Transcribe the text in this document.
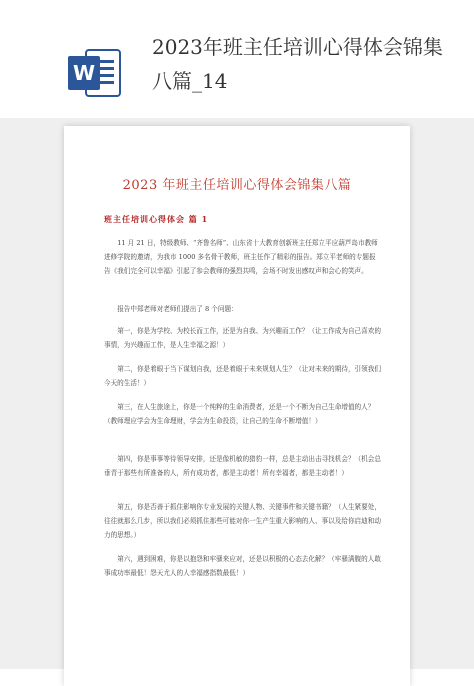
W
2023年班主任培训心得体会锦集八篇_14
2023 年班主任培训心得体会锦集八篇
班主任培训心得体会 篇 1

11 月 21 日，特级教师、“齐鲁名师”、山东省十大教育创新班主任郑立平应葫芦岛市教师进修学院的邀请，为我市 1000 多名骨干教师，班主任作了精彩的报告。郑立平老师的专题报告《我们完全可以幸福》引起了参会教师的强烈共鸣，会场不时发出感叹声和会心的笑声。

报告中郑老师对老师们提出了 8 个问题：

第一，你是为学校、为校长而工作，还是为自我、为兴趣而工作？（让工作成为自己喜欢的事情，为兴趣而工作，是人生幸福之源！）

第二，你是着眼于当下谋划自我，还是着眼于未来规划人生？（让对未来的期待，引领我们今天的生活！）

第三，在人生旅途上，你是一个纯粹的生命消费者，还是一个不断为自己生命增值的人？（教师理应学会为生命理财，学会为生命投资，让自己的生命不断增值！）

第四，你是事事等待领导安排，还是像机敏的猎豹一样，总是主动出击寻找机会？（机会总垂青于那些有所准备的人，所有成功者，都是主动者！所有幸福者，都是主动者！）

第五，你是否善于抓住影响你专业发展的关键人物、关键事件和关键书籍？（人生紧要处，往往就那么几步，所以我们必须抓住那些可能对你一生产生重大影响的人、事以及给你启迪和动力的思想。）

第六，遇到困难，你是以抱怨和牢骚来应对，还是以积极的心态去化解？（牢骚满腹的人敢事成功率最低！怨天尤人的人幸福感指数最低！）
